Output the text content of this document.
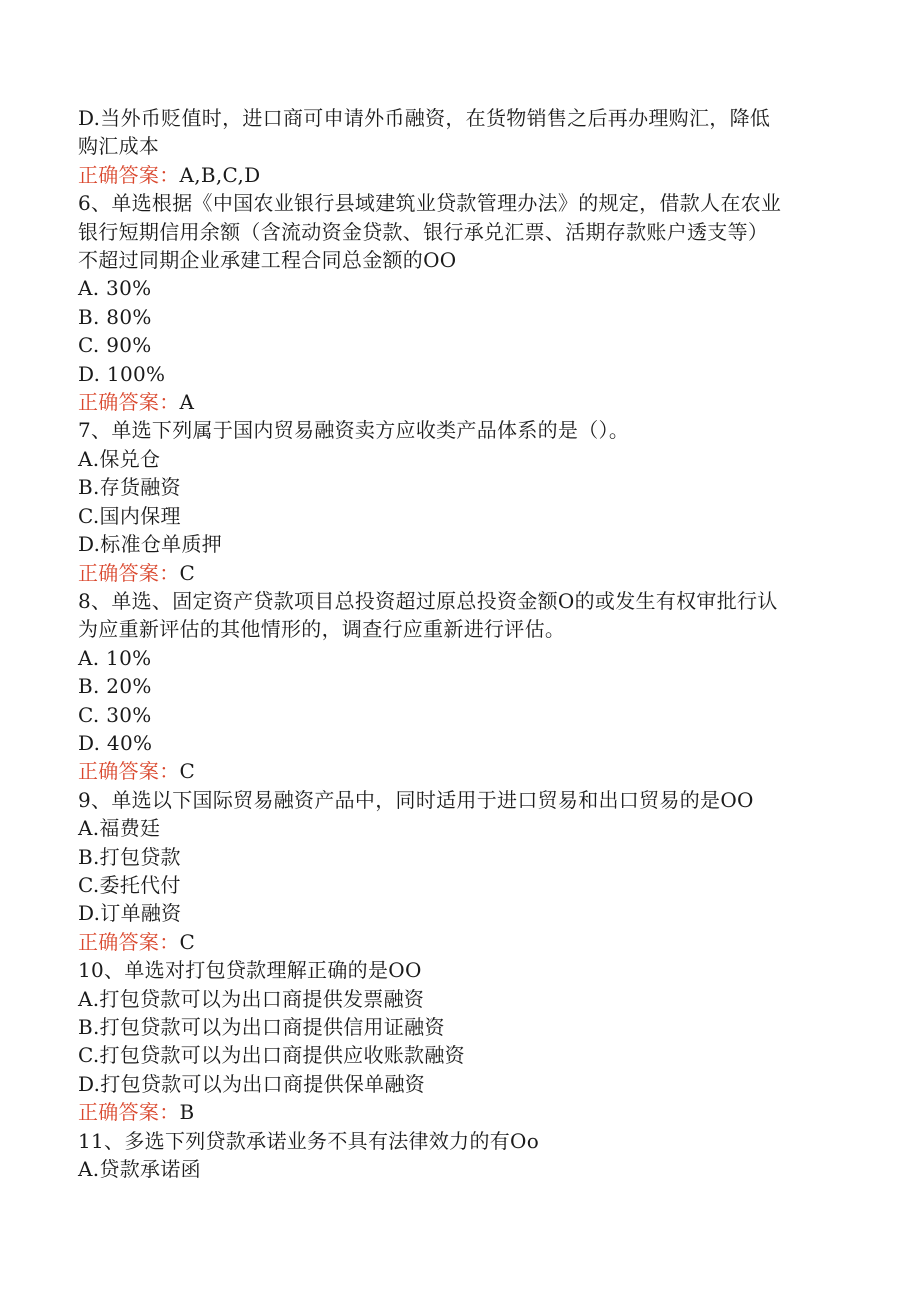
D.当外币贬值时，进口商可申请外币融资，在货物销售之后再办理购汇，降低
购汇成本
正确答案：A,B,C,D
6、单选根据《中国农业银行县域建筑业贷款管理办法》的规定，借款人在农业
银行短期信用余额（含流动资金贷款、银行承兑汇票、活期存款账户透支等）
不超过同期企业承建工程合同总金额的OO
A. 30%
B. 80%
C. 90%
D. 100%
正确答案：A
7、单选下列属于国内贸易融资卖方应收类产品体系的是（）。
A.保兑仓
B.存货融资
C.国内保理
D.标准仓单质押
正确答案：C
8、单选、固定资产贷款项目总投资超过原总投资金额O的或发生有权审批行认
为应重新评估的其他情形的，调查行应重新进行评估。
A. 10%
B. 20%
C. 30%
D. 40%
正确答案：C
9、单选以下国际贸易融资产品中，同时适用于进口贸易和出口贸易的是OO
A.福费廷
B.打包贷款
C.委托代付
D.订单融资
正确答案：C
10、单选对打包贷款理解正确的是OO
A.打包贷款可以为出口商提供发票融资
B.打包贷款可以为出口商提供信用证融资
C.打包贷款可以为出口商提供应收账款融资
D.打包贷款可以为出口商提供保单融资
正确答案：B
11、多选下列贷款承诺业务不具有法律效力的有Oo
A.贷款承诺函
